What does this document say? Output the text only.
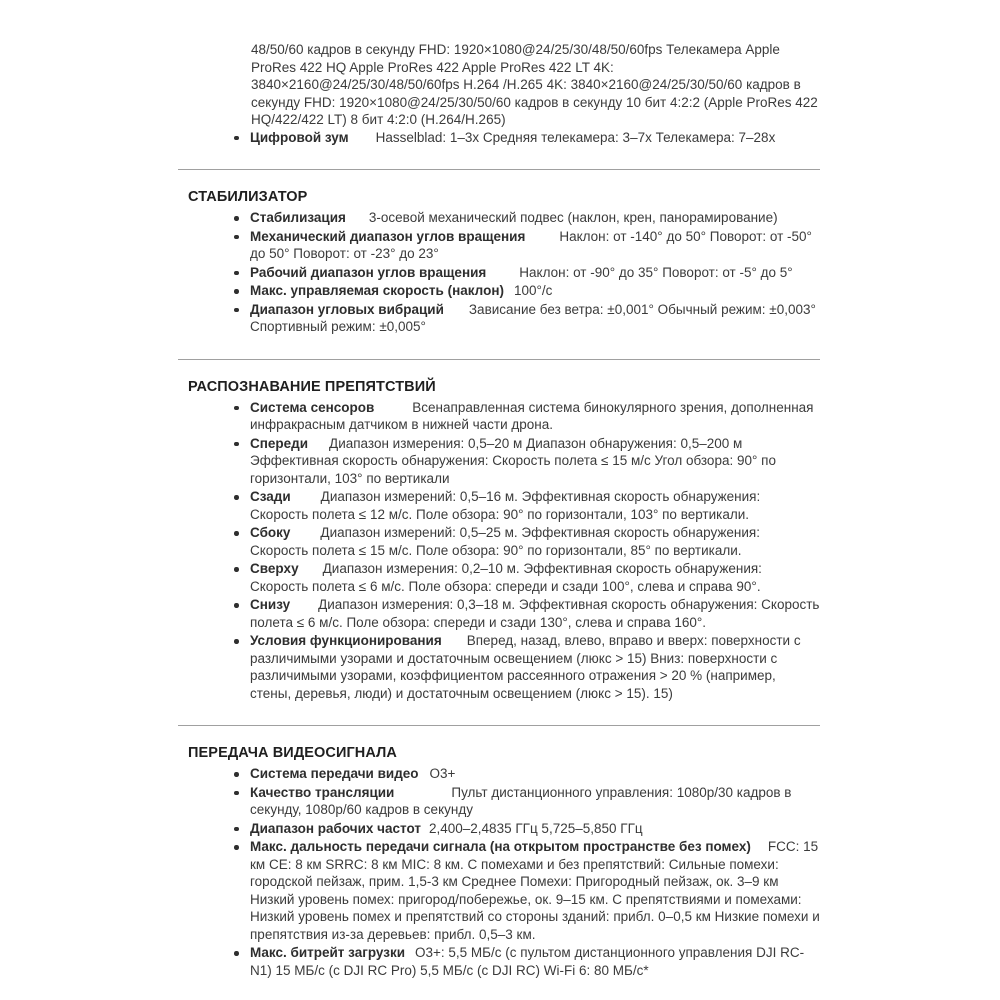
48/50/60 кадров в секунду FHD: 1920×1080@24/25/30/48/50/60fps Телекамера Apple ProRes 422 HQ Apple ProRes 422 Apple ProRes 422 LT 4K: 3840×2160@24/25/30/48/50/60fps H.264 /H.265 4K: 3840×2160@24/25/30/50/60 кадров в секунду FHD: 1920×1080@24/25/30/50/60 кадров в секунду 10 бит 4:2:2 (Apple ProRes 422 HQ/422/422 LT) 8 бит 4:2:0 (H.264/H.265)

Цифровой зум Hasselblad: 1–3x Средняя телекамера: 3–7x Телекамера: 7–28x
СТАБИЛИЗАТОР
Стабилизация 3-осевой механический подвес (наклон, крен, панорамирование)
Механический диапазон углов вращения	Наклон: от -140° до 50° Поворот: от -50° до 50° Поворот: от -23° до 23°
Рабочий диапазон углов вращения Наклон: от -90° до 35° Поворот: от -5° до 5°
Макс. управляемая скорость (наклон) 100°/с
Диапазон угловых вибраций Зависание без ветра: ±0,001° Обычный режим: ±0,003° Спортивный режим: ±0,005°
РАСПОЗНАВАНИЕ ПРЕПЯТСТВИЙ
Система сенсоров	Всенаправленная система бинокулярного зрения, дополненная инфракрасным датчиком в нижней части дрона.
Спереди Диапазон измерения: 0,5–20 м Диапазон обнаружения: 0,5–200 м Эффективная скорость обнаружения: Скорость полета ≤ 15 м/с Угол обзора: 90° по горизонтали, 103° по вертикали
Сзади Диапазон измерений: 0,5–16 м. Эффективная скорость обнаружения: Скорость полета ≤ 12 м/с. Поле обзора: 90° по горизонтали, 103° по вертикали.
Сбоку Диапазон измерений: 0,5–25 м. Эффективная скорость обнаружения: Скорость полета ≤ 15 м/с. Поле обзора: 90° по горизонтали, 85° по вертикали.
Сверху Диапазон измерения: 0,2–10 м. Эффективная скорость обнаружения: Скорость полета ≤ 6 м/с. Поле обзора: спереди и сзади 100°, слева и справа 90°.
Снизу Диапазон измерения: 0,3–18 м. Эффективная скорость обнаружения: Скорость полета ≤ 6 м/с. Поле обзора: спереди и сзади 130°, слева и справа 160°.
Условия функционирования Вперед, назад, влево, вправо и вверх: поверхности с различимыми узорами и достаточным освещением (люкс > 15) Вниз: поверхности с различимыми узорами, коэффициентом рассеянного отражения > 20 % (например, стены, деревья, люди) и достаточным освещением (люкс > 15). 15)
ПЕРЕДАЧА ВИДЕОСИГНАЛА
Система передачи видео O3+
Качество трансляции	Пульт дистанционного управления: 1080p/30 кадров в секунду, 1080p/60 кадров в секунду
Диапазон рабочих частот 2,400–2,4835 ГГц 5,725–5,850 ГГц
Макс. дальность передачи сигнала (на открытом пространстве без помех) FCC: 15 км CE: 8 км SRRC: 8 км MIC: 8 км. С помехами и без препятствий: Сильные помехи: городской пейзаж, прим. 1,5-3 км Среднее Помехи: Пригородный пейзаж, ок. 3–9 км Низкий уровень помех: пригород/побережье, ок. 9–15 км. С препятствиями и помехами: Низкий уровень помех и препятствий со стороны зданий: прибл. 0–0,5 км Низкие помехи и препятствия из-за деревьев: прибл. 0,5–3 км.
Макс. битрейт загрузки O3+: 5,5 МБ/с (с пультом дистанционного управления DJI RC-N1) 15 МБ/с (с DJI RC Pro) 5,5 МБ/с (с DJI RC) Wi-Fi 6: 80 МБ/с*
